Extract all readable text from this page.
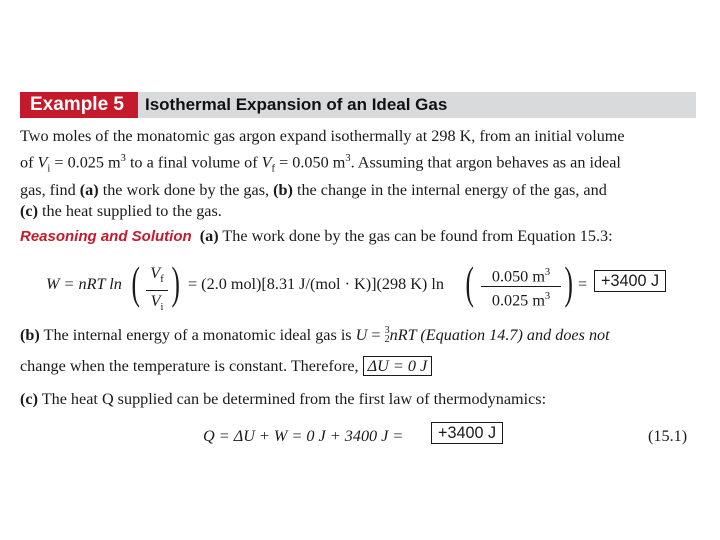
Example 5	Isothermal Expansion of an Ideal Gas
Two moles of the monatomic gas argon expand isothermally at 298 K, from an initial volume
of $V_i = 0.025$ $m^3$ to a final volume of $V_f = 0.050$ $m^3$. Assuming that argon behaves as an ideal
gas, find (a) the work done by the gas, (b) the change in the internal energy of the gas, and
(c) the heat supplied to the gas.
Reasoning and Solution (a) The work done by the gas can be found from Equation 15.3:
W = nRT ln ( $V_f$
$V_i$ ) = (2.0 mol)[8.31 J/(mol · K)](298 K) ln (	0.050 $m^3$
0.025 $m^3$ ) = +3400 J
(b) The internal energy of a monatomic ideal gas is U = 3
2nRT (Equation 14.7) and does not
change when the temperature is constant. Therefore, ΔU = 0 J
(c) The heat Q supplied can be determined from the first law of thermodynamics:
Q = ΔU + W = 0 J + 3400 J =	+3400 J	(15.1)
